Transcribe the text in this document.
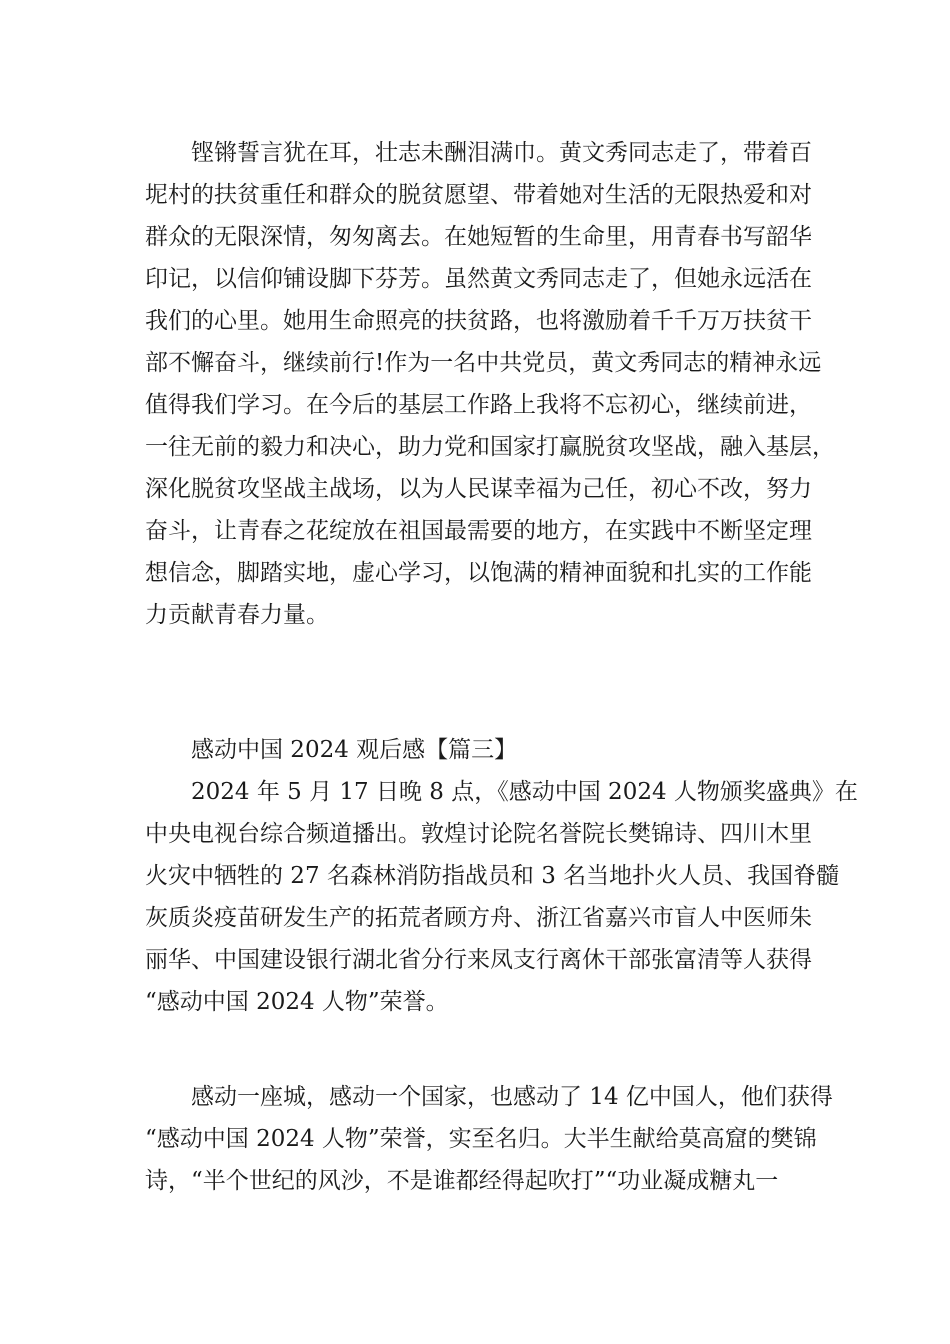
铿锵誓言犹在耳，壮志未酬泪满巾。黄文秀同志走了，带着百
坭村的扶贫重任和群众的脱贫愿望、带着她对生活的无限热爱和对
群众的无限深情，匆匆离去。在她短暂的生命里，用青春书写韶华
印记，以信仰铺设脚下芬芳。虽然黄文秀同志走了，但她永远活在
我们的心里。她用生命照亮的扶贫路，也将激励着千千万万扶贫干
部不懈奋斗，继续前行!作为一名中共党员，黄文秀同志的精神永远
值得我们学习。在今后的基层工作路上我将不忘初心，继续前进，
一往无前的毅力和决心，助力党和国家打赢脱贫攻坚战，融入基层，
深化脱贫攻坚战主战场，以为人民谋幸福为己任，初心不改，努力
奋斗，让青春之花绽放在祖国最需要的地方，在实践中不断坚定理
想信念，脚踏实地，虚心学习，以饱满的精神面貌和扎实的工作能
力贡献青春力量。
感动中国 2024 观后感【篇三】
2024 年 5 月 17 日晚 8 点，《感动中国 2024 人物颁奖盛典》在
中央电视台综合频道播出。敦煌讨论院名誉院长樊锦诗、四川木里
火灾中牺牲的 27 名森林消防指战员和 3 名当地扑火人员、我国脊髓
灰质炎疫苗研发生产的拓荒者顾方舟、浙江省嘉兴市盲人中医师朱
丽华、中国建设银行湖北省分行来凤支行离休干部张富清等人获得
“感动中国 2024 人物”荣誉。
感动一座城，感动一个国家，也感动了 14 亿中国人，他们获得
“感动中国 2024 人物”荣誉，实至名归。大半生献给莫高窟的樊锦
诗，“半个世纪的风沙，不是谁都经得起吹打”“功业凝成糖丸一
